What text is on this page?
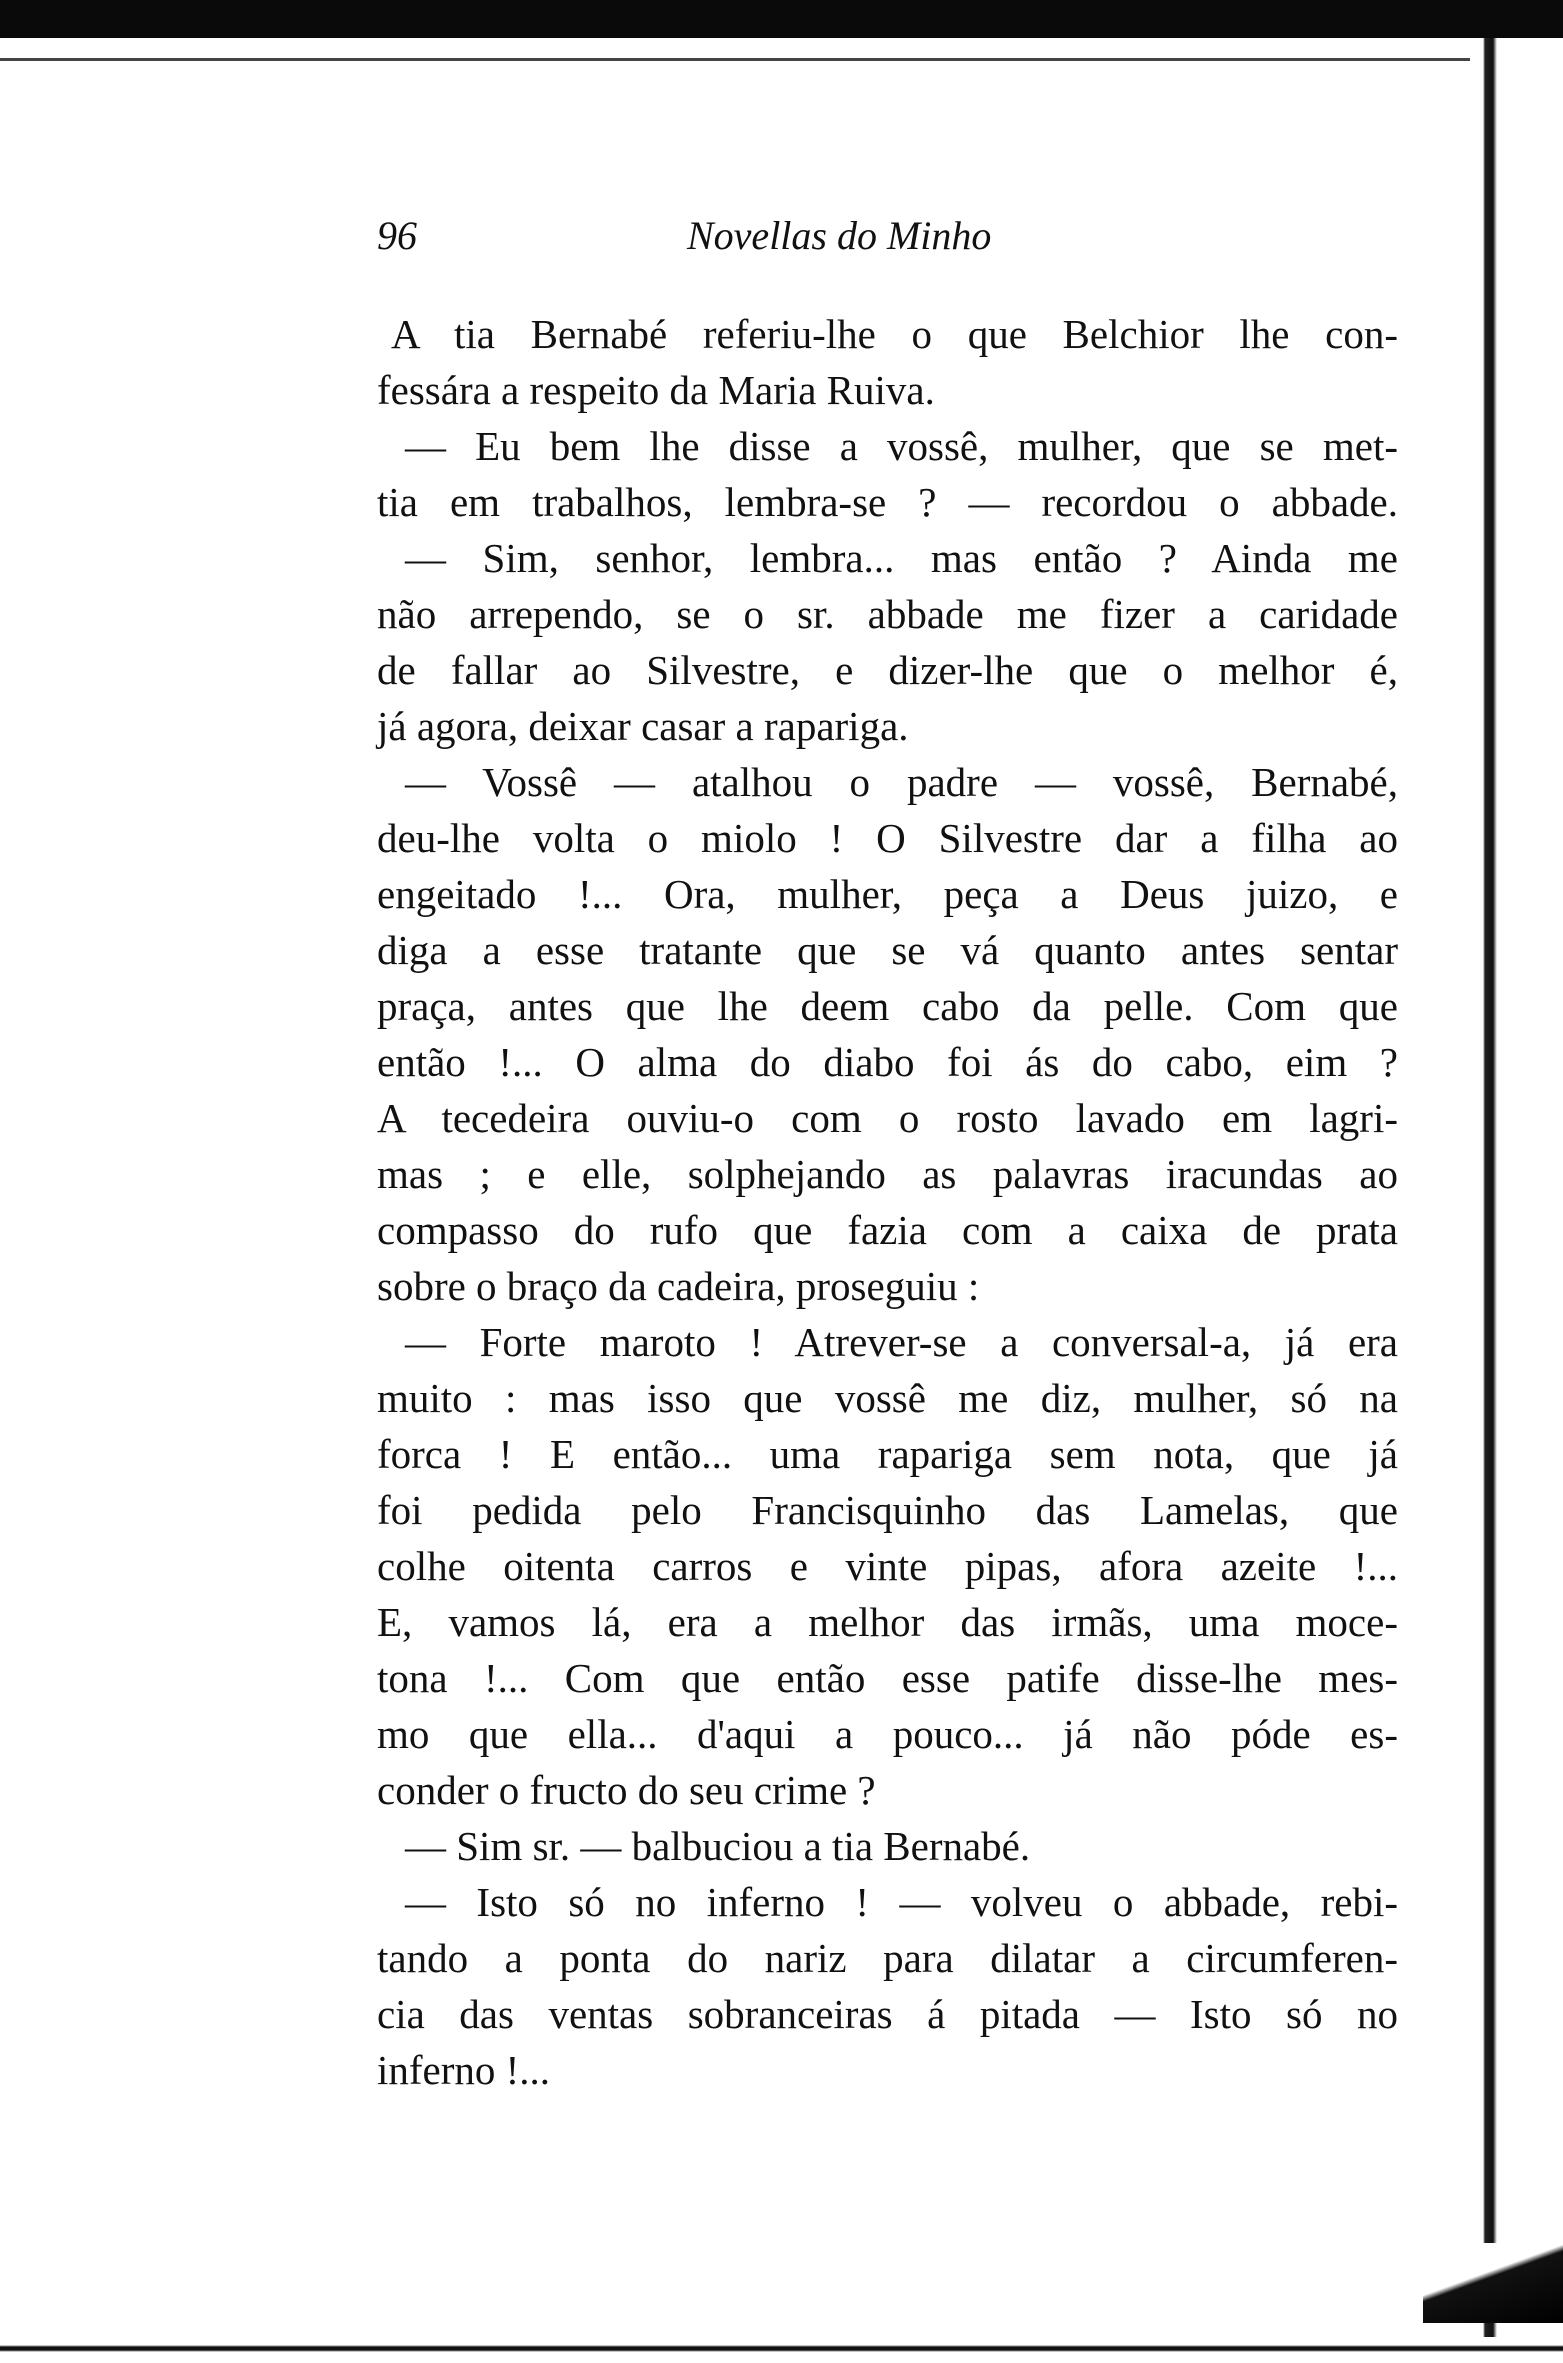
96	Novellas do Minho
A tia Bernabé referiu-lhe o que Belchior lhe con-
fessára a respeito da Maria Ruiva.
— Eu bem lhe disse a vossê, mulher, que se met-
tia em trabalhos, lembra-se ? — recordou o abbade.
— Sim, senhor, lembra... mas então ? Ainda me
não arrependo, se o sr. abbade me fizer a caridade
de fallar ao Silvestre, e dizer-lhe que o melhor é,
já agora, deixar casar a rapariga.
— Vossê — atalhou o padre — vossê, Bernabé,
deu-lhe volta o miolo ! O Silvestre dar a filha ao
engeitado !... Ora, mulher, peça a Deus juizo, e
diga a esse tratante que se vá quanto antes sentar
praça, antes que lhe deem cabo da pelle. Com que
então !... O alma do diabo foi ás do cabo, eim ?
A tecedeira ouviu-o com o rosto lavado em lagri-
mas ; e elle, solphejando as palavras iracundas ao
compasso do rufo que fazia com a caixa de prata
sobre o braço da cadeira, proseguiu :
— Forte maroto ! Atrever-se a conversal-a, já era
muito : mas isso que vossê me diz, mulher, só na
forca ! E então... uma rapariga sem nota, que já
foi pedida pelo Francisquinho das Lamelas, que
colhe oitenta carros e vinte pipas, afora azeite !...
E, vamos lá, era a melhor das irmãs, uma moce-
tona !... Com que então esse patife disse-lhe mes-
mo que ella... d'aqui a pouco... já não póde es-
conder o fructo do seu crime ?
— Sim sr. — balbuciou a tia Bernabé.
— Isto só no inferno ! — volveu o abbade, rebi-
tando a ponta do nariz para dilatar a circumferen-
cia das ventas sobranceiras á pitada — Isto só no
inferno !...
